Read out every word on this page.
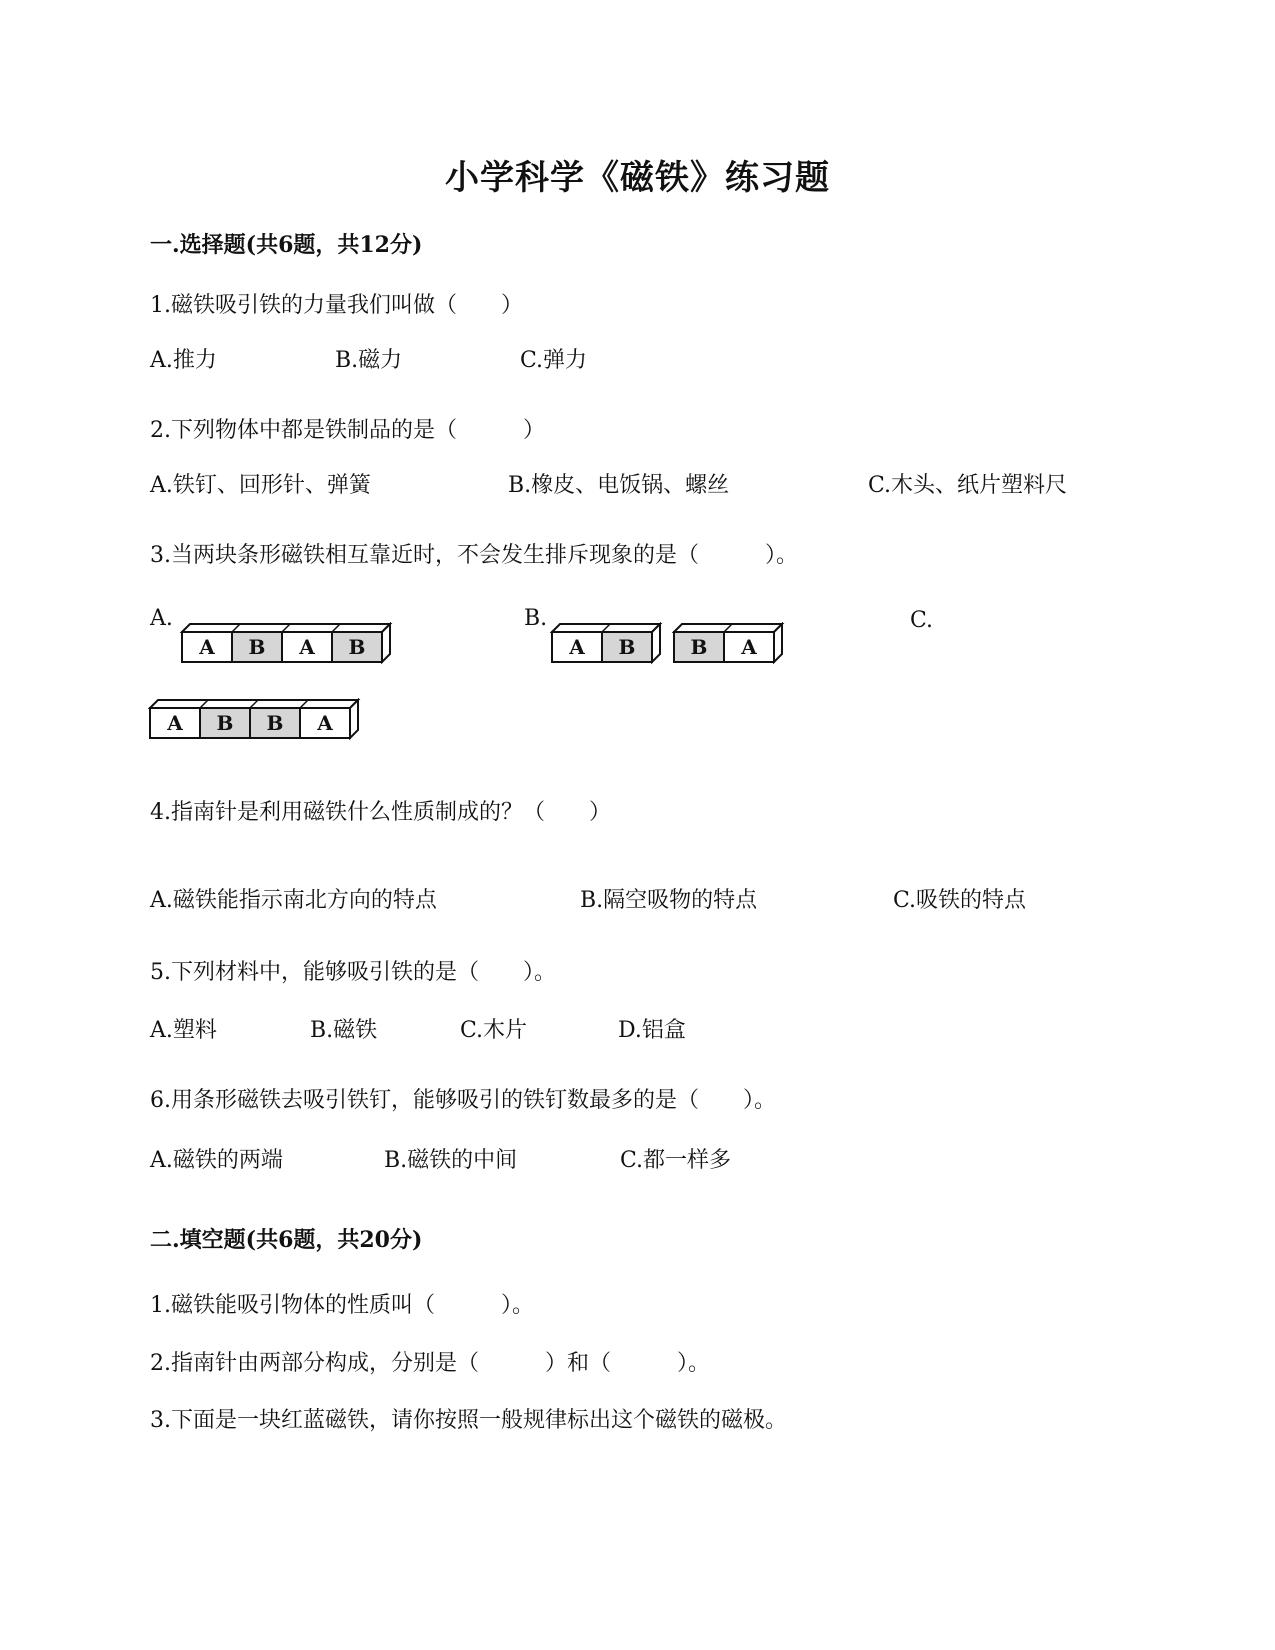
小学科学《磁铁》练习题
一.选择题(共6题，共12分)
1.磁铁吸引铁的力量我们叫做（　　）
A.推力	B.磁力	C.弹力
2.下列物体中都是铁制品的是（　　　）
A.铁钉、回形针、弹簧	B.橡皮、电饭锅、螺丝	C.木头、纸片塑料尺
3.当两块条形磁铁相互靠近时，不会发生排斥现象的是（　　　）。
A.	B.	C.
A B A B	A B	B A
A B B A
4.指南针是利用磁铁什么性质制成的？（　　）
A.磁铁能指示南北方向的特点	B.隔空吸物的特点	C.吸铁的特点
5.下列材料中，能够吸引铁的是（　　）。
A.塑料	B.磁铁	C.木片	D.铝盒
6.用条形磁铁去吸引铁钉，能够吸引的铁钉数最多的是（　　）。
A.磁铁的两端	B.磁铁的中间	C.都一样多
二.填空题(共6题，共20分)
1.磁铁能吸引物体的性质叫（　　　）。
2.指南针由两部分构成，分别是（　　　）和（　　　）。
3.下面是一块红蓝磁铁，请你按照一般规律标出这个磁铁的磁极。
